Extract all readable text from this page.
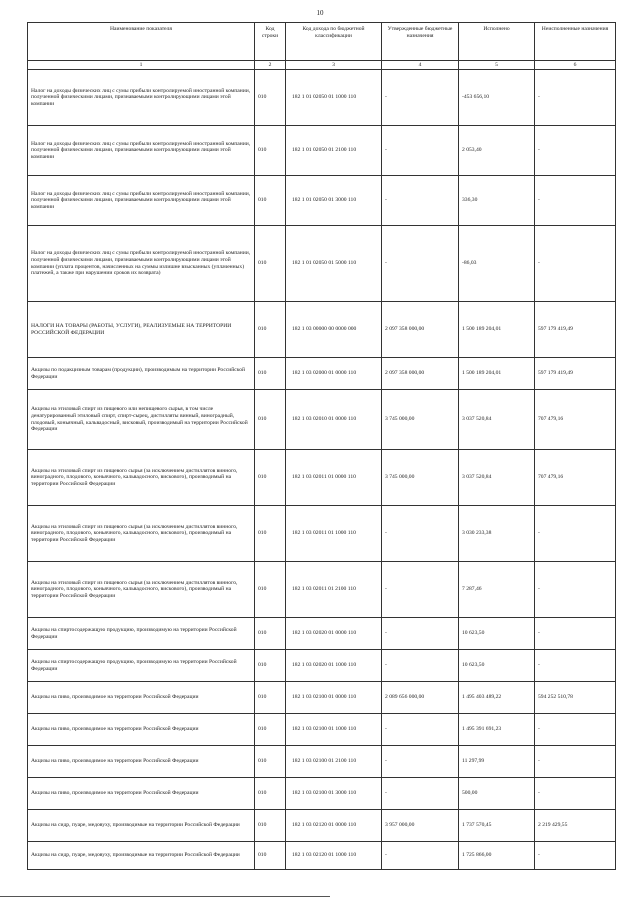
10
Наименование показателя	Код строки	Код дохода по бюджетной классификации	Утвержденные бюджетные назначения	Исполнено	Неисполненные назначения
1	2	3	4	5	6
Налог на доходы физических лиц с сумы прибыли контролируемой иностранной компании, полученной физическими лицами, признаваемыми контролирующими лицами этой компании	010	182 1 01 02050 01 1000 110	-	-453 656,10	-
Налог на доходы физических лиц с сумы прибыли контролируемой иностранной компании, полученной физическими лицами, признаваемыми контролирующими лицами этой компании	010	182 1 01 02050 01 2100 110	-	2 053,40	-
Налог на доходы физических лиц с сумы прибыли контролируемой иностранной компании, полученной физическими лицами, признаваемыми контролирующими лицами этой компании	010	182 1 01 02050 01 3000 110	-	336,30	-
Налог на доходы физических лиц с сумы прибыли контролируемой иностранной компании, полученной физическими лицами, признаваемыми контролирующими лицами этой компании (уплата процентов, начисленных на суммы излишне взысканных (уплаченных) платежей, а также при нарушении сроков их возврата)	010	182 1 01 02050 01 5000 110	-	-86,03	-
НАЛОГИ НА ТОВАРЫ (РАБОТЫ, УСЛУГИ), РЕАЛИЗУЕМЫЕ НА ТЕРРИТОРИИ РОССИЙСКОЙ ФЕДЕРАЦИИ	010	182 1 03 00000 00 0000 000	2 097 358 000,00	1 500 189 204,01	597 179 419,49
Акцизы по подакцизным товарам (продукции), производимым на территории Российской Федерации	010	182 1 03 02000 01 0000 110	2 097 358 000,00	1 500 189 204,01	597 179 419,49
Акцизы на этиловый спирт из пищевого или непищевого сырья, в том числе денатурированный этиловый спирт, спирт-сырец, дистилляты винный, виноградный, плодовый, коньячный, кальвадосный, висковый, производимый на территории Российской Федерации	010	182 1 03 02010 01 0000 110	3 745 000,00	3 037 520,84	707 479,16
Акцизы на этиловый спирт из пищевого сырья (за исключением дистиллятов винного, виноградного, плодового, коньячного, кальвадосного, вискового), производимый на территории Российской Федерации	010	182 1 03 02011 01 0000 110	3 745 000,00	3 037 520,84	707 479,16
Акцизы на этиловый спирт из пищевого сырья (за исключением дистиллятов винного, виноградного, плодового, коньячного, кальвадосного, вискового), производимый на территории Российской Федерации	010	182 1 03 02011 01 1000 110	-	3 030 233,38	-
Акцизы на этиловый спирт из пищевого сырья (за исключением дистиллятов винного, виноградного, плодового, коньячного, кальвадосного, вискового), производимый на территории Российской Федерации	010	182 1 03 02011 01 2100 110	-	7 287,46	-
Акцизы на спиртосодержащую продукцию, производимую на территории Российской Федерации	010	182 1 03 02020 01 0000 110	-	10 623,50	-
Акцизы на спиртосодержащую продукцию, производимую на территории Российской Федерации	010	182 1 03 02020 01 1000 110	-	10 623,50	-
Акцизы на пиво, производимое на территории Российской Федерации	010	182 1 03 02100 01 0000 110	2 089 656 000,00	1 495 403 489,22	594 252 510,78
Акцизы на пиво, производимое на территории Российской Федерации	010	182 1 03 02100 01 1000 110	-	1 495 391 691,23	-
Акцизы на пиво, производимое на территории Российской Федерации	010	182 1 03 02100 01 2100 110	-	11 297,99	-
Акцизы на пиво, производимое на территории Российской Федерации	010	182 1 03 02100 01 3000 110	-	500,00	-
Акцизы на сидр, пуаре, медовуху, производимые на территории Российской Федерации	010	182 1 03 02120 01 0000 110	3 957 000,00	1 737 570,45	2 219 429,55
Акцизы на сидр, пуаре, медовуху, производимые на территории Российской Федерации	010	182 1 03 02120 01 1000 110	-	1 725 866,00	-
